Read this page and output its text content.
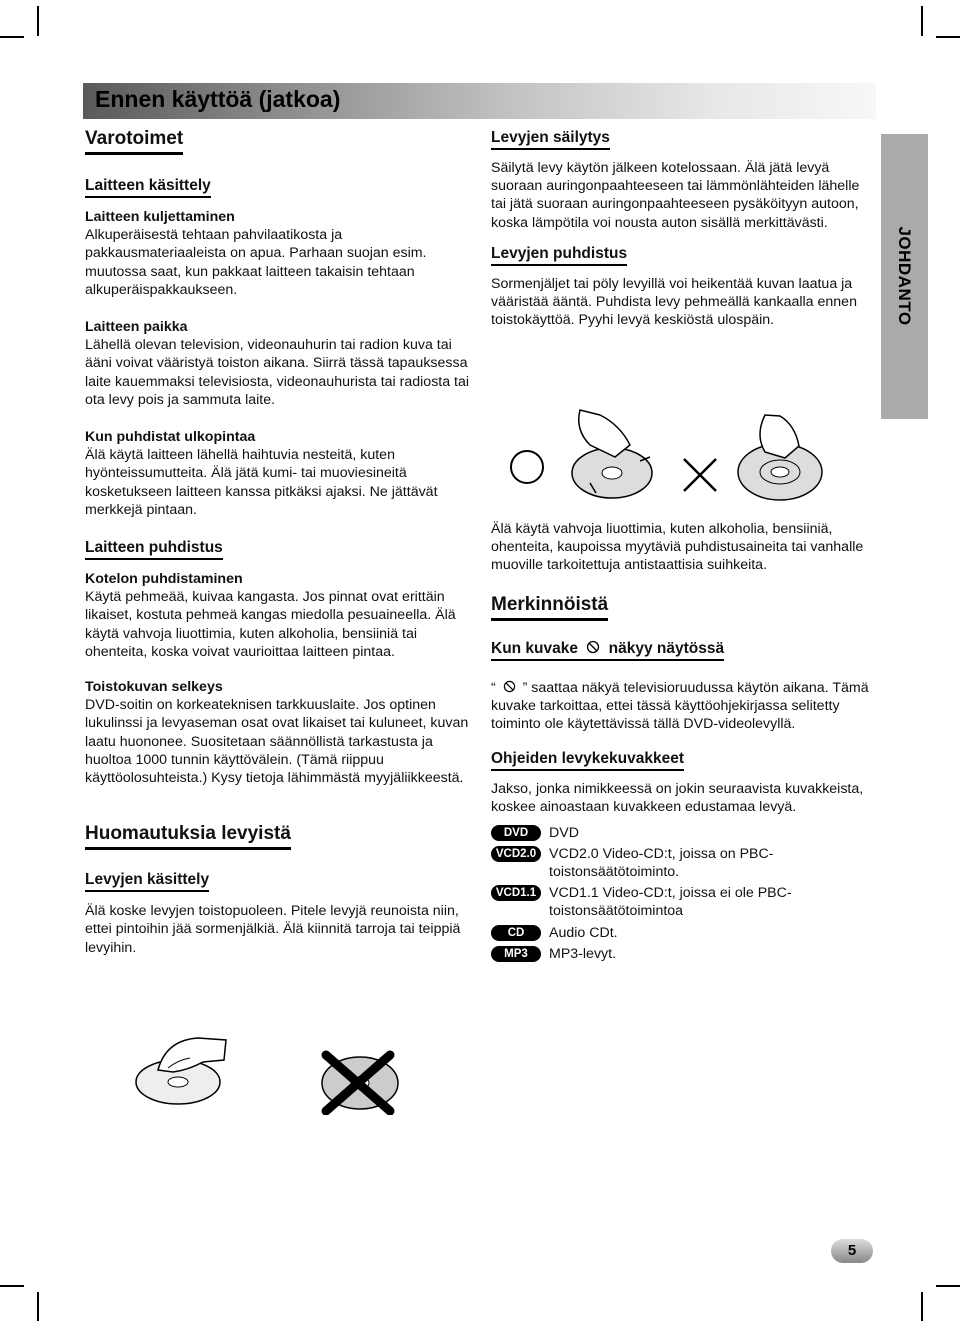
Ennen käyttöä (jatkoa)
JOHDANTO
Varotoimet
Laitteen käsittely
Laitteen kuljettaminen

Alkuperäisestä tehtaan pahvilaatikosta ja pakkausmateriaaleista on apua. Parhaan suojan esim. muutossa saat, kun pakkaat laitteen takaisin tehtaan alkuperäispakkaukseen.

Laitteen paikka

Lähellä olevan television, videonauhurin tai radion kuva tai ääni voivat vääristyä toiston aikana. Siirrä tässä tapauksessa laite kauemmaksi televisiosta, videonauhurista tai radiosta tai ota levy pois ja sammuta laite.

Kun puhdistat ulkopintaa

Älä käytä laitteen lähellä haihtuvia nesteitä, kuten hyönteissumutteita. Älä jätä kumi- tai muoviesineitä kosketukseen laitteen kanssa pitkäksi ajaksi. Ne jättävät merkkejä pintaan.

Laitteen puhdistus
Kotelon puhdistaminen

Käytä pehmeää, kuivaa kangasta. Jos pinnat ovat erittäin likaiset, kostuta pehmeä kangas miedolla pesuaineella. Älä käytä vahvoja liuottimia, kuten alkoholia, bensiiniä tai ohenteita, koska voivat vaurioittaa laitteen pintaa.

Toistokuvan selkeys

DVD-soitin on korkeateknisen tarkkuuslaite. Jos optinen lukulinssi ja levyaseman osat ovat likaiset tai kuluneet, kuvan laatu huononee. Suositetaan säännöllistä tarkastusta ja huoltoa 1000 tunnin käyttövälein. (Tämä riippuu käyttöolosuhteista.) Kysy tietoja lähimmästä myyjäliikkeestä.

Huomautuksia levyistä
Levyjen käsittely

Älä koske levyjen toistopuoleen. Pitele levyjä reunoista niin, ettei pintoihin jää sormenjälkiä. Älä kiinnitä tarroja tai teippiä levyihin.

Levyjen säilytys

Säilytä levy käytön jälkeen kotelossaan. Älä jätä levyä suoraan auringonpaahteeseen tai lämmönlähteiden lähelle tai jätä suoraan auringonpaahteeseen pysäköityyn autoon, koska lämpötila voi nousta auton sisällä merkittävästi.

Levyjen puhdistus

Sormenjäljet tai pöly levyillä voi heikentää kuvan laatua ja vääristää ääntä. Puhdista levy pehmeällä kankaalla ennen toistokäyttöä. Pyyhi levyä keskiöstä ulospäin.

Älä käytä vahvoja liuottimia, kuten alkoholia, bensiiniä, ohenteita, kaupoissa myytäviä puhdistusaineita tai vanhalle muoville tarkoitettuja antistaattisia suihkeita.

Merkinnöistä
Kun kuvake näkyy näytössä

“ ” saattaa näkyä televisioruudussa käytön aikana. Tämä kuvake tarkoittaa, ettei tässä käyttöohjekirjassa selitetty toiminto ole käytettävissä tällä DVD-videolevyllä.

Ohjeiden levykekuvakkeet

Jakso, jonka nimikkeessä on jokin seuraavista kuvakkeista, koskee ainoastaan kuvakkeen edustamaa levyä.

DVD	DVD
VCD2.0 VCD2.0 Video-CD:t, joissa on PBC-toistonsäätötoiminto.
VCD1.1 VCD1.1 Video-CD:t, joissa ei ole PBC-toistonsäätötoimintoa
CD	Audio CDt.
MP3	MP3-levyt.
5
